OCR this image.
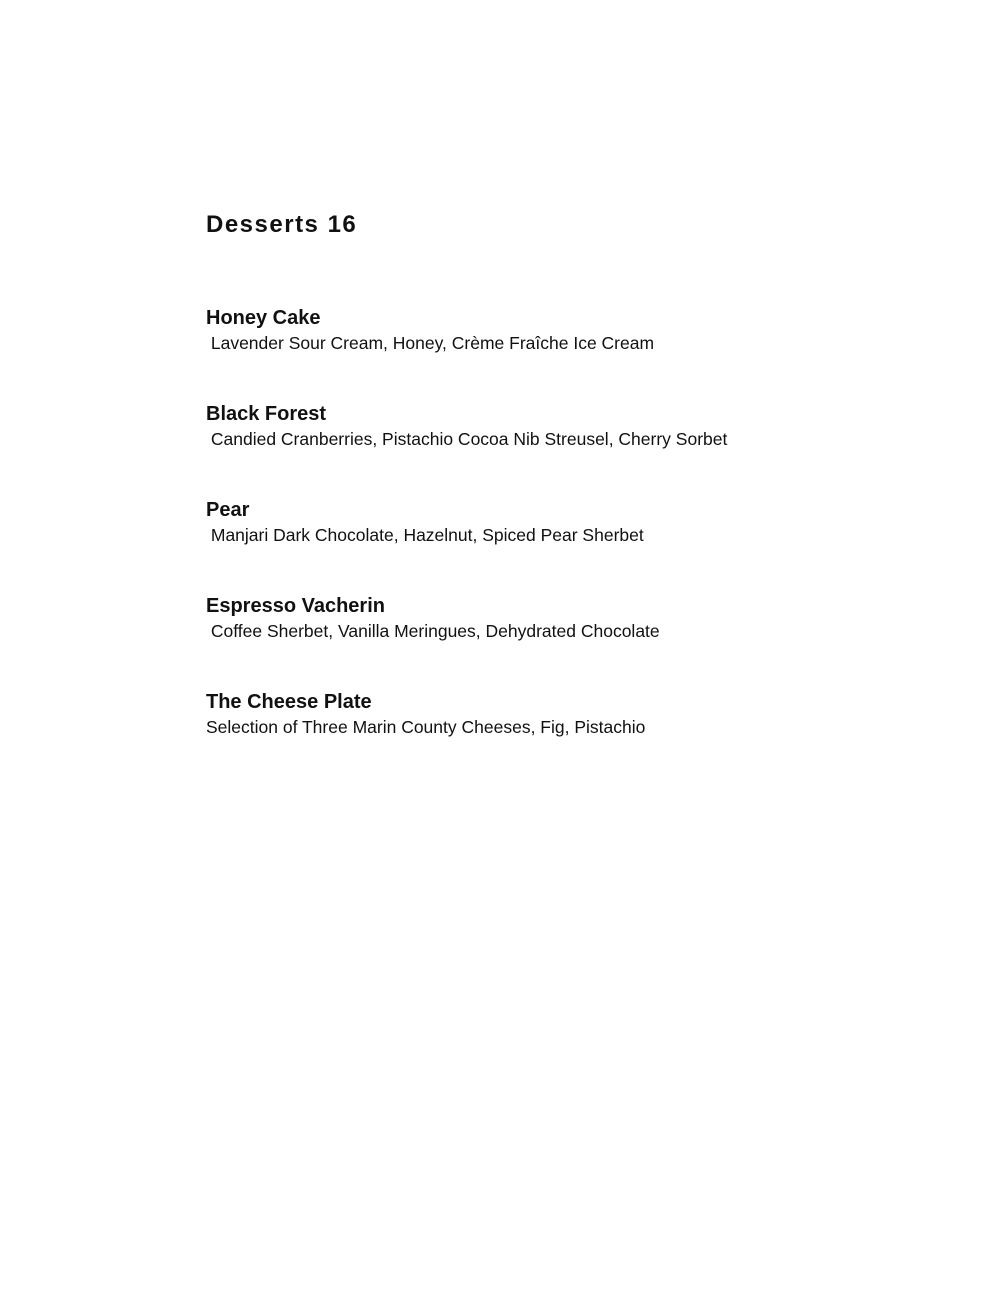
Desserts 16

Honey Cake

Lavender Sour Cream, Honey, Crème Fraîche Ice Cream

Black Forest

Candied Cranberries, Pistachio Cocoa Nib Streusel, Cherry Sorbet

Pear

Manjari Dark Chocolate, Hazelnut, Spiced Pear Sherbet

Espresso Vacherin

Coffee Sherbet, Vanilla Meringues, Dehydrated Chocolate

The Cheese Plate

Selection of Three Marin County Cheeses, Fig, Pistachio
